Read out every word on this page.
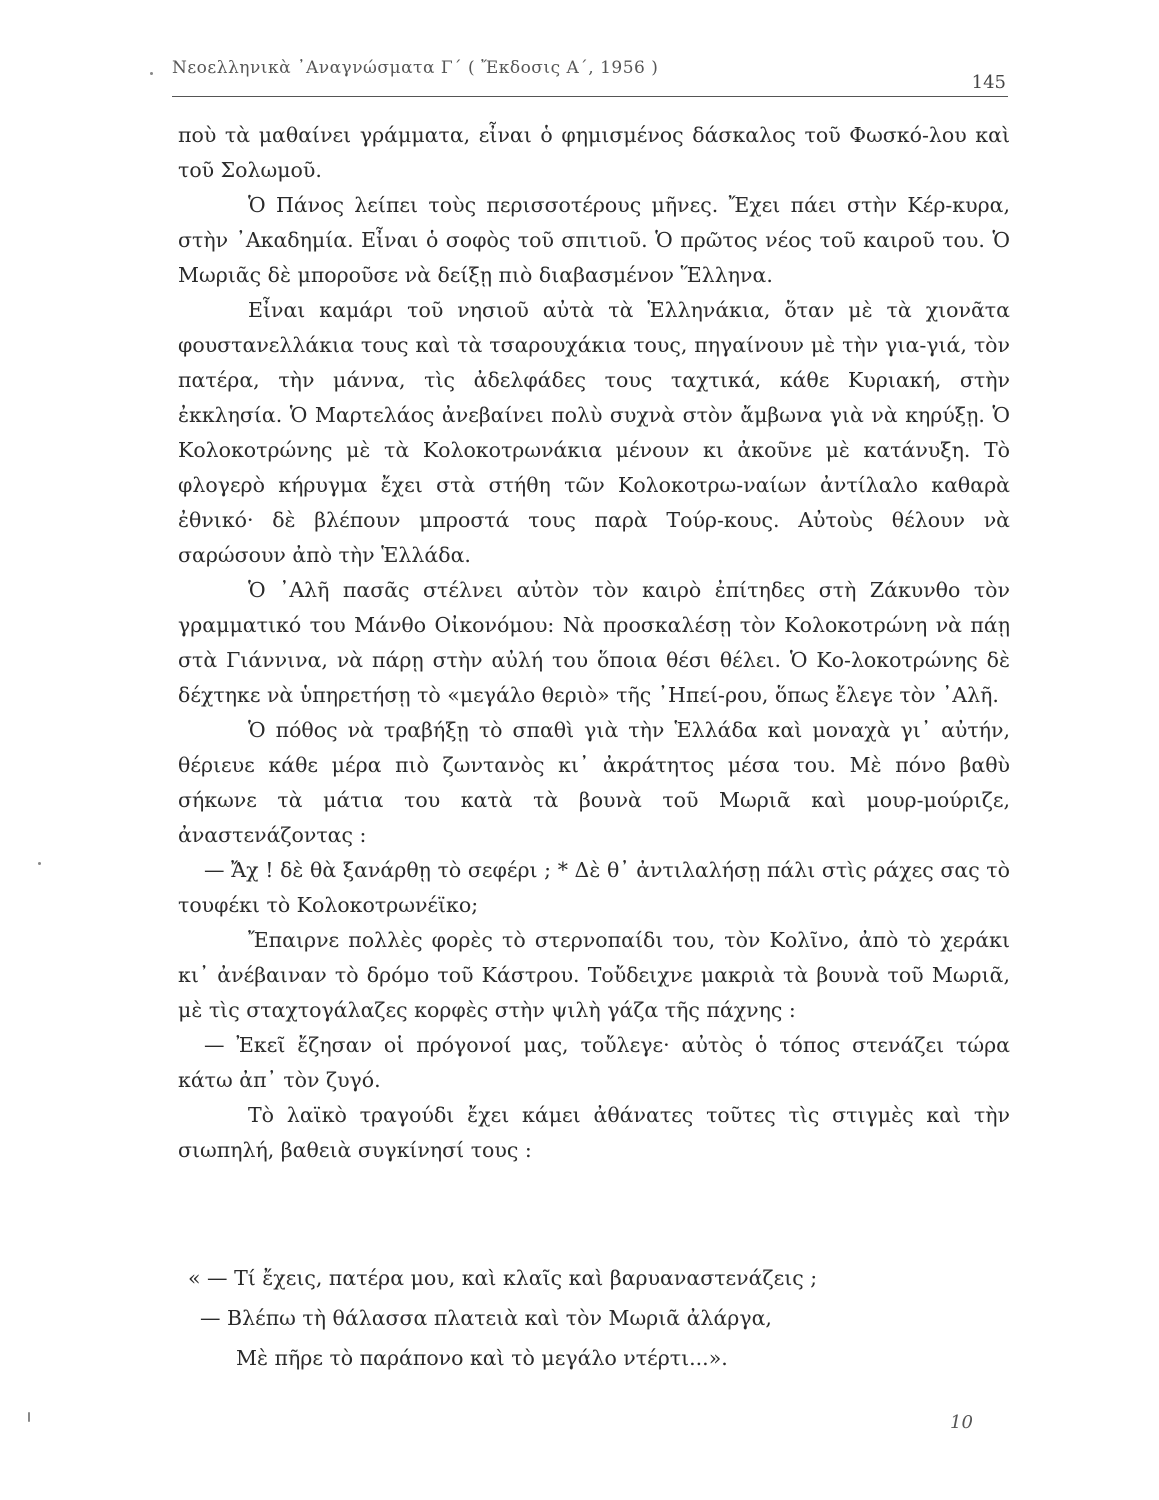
Νεοελληνικὰ ᾿Αναγνώσματα Γ΄ ( Ἔκδοσις Α΄, 1956 )
145

ποὺ τὰ μαθαίνει γράμματα, εἶναι ὁ φημισμένος δάσκαλος τοῦ Φωσκό-λου καὶ τοῦ Σολωμοῦ.

Ὁ Πάνος λείπει τοὺς περισσοτέρους μῆνες. Ἔχει πάει στὴν Κέρ-κυρα, στὴν ᾿Ακαδημία. Εἶναι ὁ σοφὸς τοῦ σπιτιοῦ. Ὁ πρῶτος νέος τοῦ καιροῦ του. Ὁ Μωριᾶς δὲ μποροῦσε νὰ δείξῃ πιὸ διαβασμένον Ἕλληνα.

Εἶναι καμάρι τοῦ νησιοῦ αὐτὰ τὰ Ἑλληνάκια, ὅταν μὲ τὰ χιονᾶτα φουστανελλάκια τους καὶ τὰ τσαρουχάκια τους, πηγαίνουν μὲ τὴν για-γιά, τὸν πατέρα, τὴν μάννα, τὶς ἀδελφάδες τους ταχτικά, κάθε Κυριακή, στὴν ἐκκλησία. Ὁ Μαρτελάος ἀνεβαίνει πολὺ συχνὰ στὸν ἄμβωνα γιὰ νὰ κηρύξῃ. Ὁ Κολοκοτρώνης μὲ τὰ Κολοκοτρωνάκια μένουν κι ἀκοῦνε μὲ κατάνυξη. Τὸ φλογερὸ κήρυγμα ἔχει στὰ στήθη τῶν Κολοκοτρω-ναίων ἀντίλαλο καθαρὰ ἐθνικό· δὲ βλέπουν μπροστά τους παρὰ Τούρ-κους. Αὐτοὺς θέλουν νὰ σαρώσουν ἀπὸ τὴν Ἑλλάδα.

Ὁ ᾿Αλῆ πασᾶς στέλνει αὐτὸν τὸν καιρὸ ἐπίτηδες στὴ Ζάκυνθο τὸν γραμματικό του Μάνθο Οἰκονόμου: Νὰ προσκαλέσῃ τὸν Κολοκοτρώνη νὰ πάῃ στὰ Γιάννινα, νὰ πάρῃ στὴν αὐλή του ὅποια θέσι θέλει. Ὁ Κο-λοκοτρώνης δὲ δέχτηκε νὰ ὑπηρετήσῃ τὸ «μεγάλο θεριὸ» τῆς ᾿Ηπεί-ρου, ὅπως ἔλεγε τὸν ᾿Αλῆ.

Ὁ πόθος νὰ τραβήξῃ τὸ σπαθὶ γιὰ τὴν Ἑλλάδα καὶ μοναχὰ γι᾿ αὐτήν, θέριευε κάθε μέρα πιὸ ζωντανὸς κι᾿ ἀκράτητος μέσα του. Μὲ πόνο βαθὺ σήκωνε τὰ μάτια του κατὰ τὰ βουνὰ τοῦ Μωριᾶ καὶ μουρ-μούριζε, ἀναστενάζοντας :

— Ἄχ ! δὲ θὰ ξανάρθῃ τὸ σεφέρι ; * Δὲ θ᾿ ἀντιλαλήσῃ πάλι στὶς ράχες σας τὸ τουφέκι τὸ Κολοκοτρωνέϊκο;

Ἔπαιρνε πολλὲς φορὲς τὸ στερνοπαίδι του, τὸν Κολῖνο, ἀπὸ τὸ χεράκι κι᾿ ἀνέβαιναν τὸ δρόμο τοῦ Κάστρου. Τοὔδειχνε μακριὰ τὰ βουνὰ τοῦ Μωριᾶ, μὲ τὶς σταχτογάλαζες κορφὲς στὴν ψιλὴ γάζα τῆς πάχνης :

— Ἐκεῖ ἔζησαν οἱ πρόγονοί μας, τοὔλεγε· αὐτὸς ὁ τόπος στενάζει τώρα κάτω ἀπ᾿ τὸν ζυγό.

Τὸ λαϊκὸ τραγούδι ἔχει κάμει ἀθάνατες τοῦτες τὶς στιγμὲς καὶ τὴν σιωπηλή, βαθειὰ συγκίνησί τους :

« — Τί ἔχεις, πατέρα μου, καὶ κλαῖς καὶ βαρυαναστενάζεις ;
— Βλέπω τὴ θάλασσα πλατειὰ καὶ τὸν Μωριᾶ ἀλάργα,
Μὲ πῆρε τὸ παράπονο καὶ τὸ μεγάλο ντέρτι...».
10
